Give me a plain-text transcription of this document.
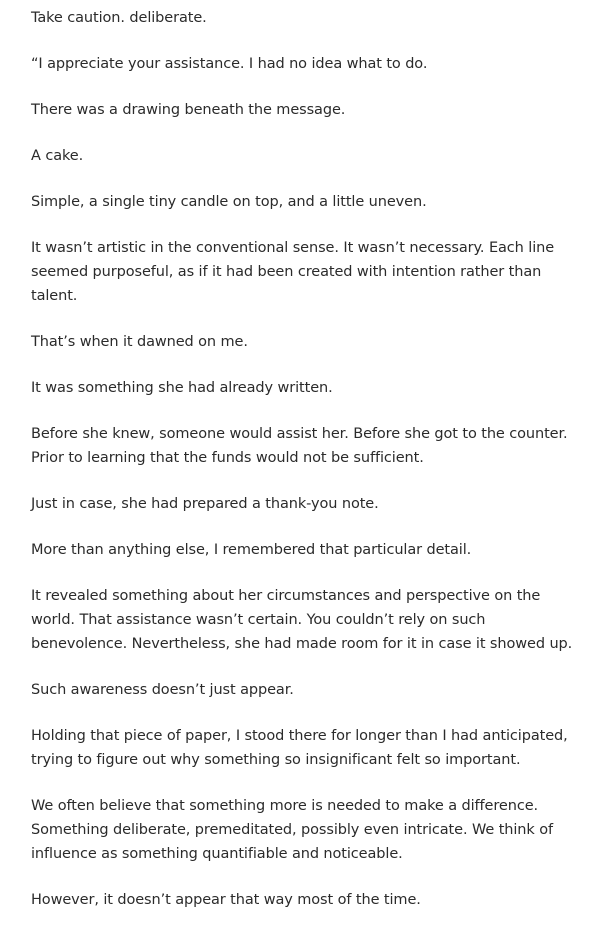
Take caution. deliberate.

“I appreciate your assistance. I had no idea what to do.

There was a drawing beneath the message.

A cake.

Simple, a single tiny candle on top, and a little uneven.

It wasn’t artistic in the conventional sense. It wasn’t necessary. Each line seemed purposeful, as if it had been created with intention rather than talent.

That’s when it dawned on me.

It was something she had already written.

Before she knew, someone would assist her. Before she got to the counter. Prior to learning that the funds would not be sufficient.

Just in case, she had prepared a thank-you note.

More than anything else, I remembered that particular detail.

It revealed something about her circumstances and perspective on the world. That assistance wasn’t certain. You couldn’t rely on such benevolence. Nevertheless, she had made room for it in case it showed up.

Such awareness doesn’t just appear.

Holding that piece of paper, I stood there for longer than I had anticipated, trying to figure out why something so insignificant felt so important.

We often believe that something more is needed to make a difference. Something deliberate, premeditated, possibly even intricate. We think of influence as something quantifiable and noticeable.

However, it doesn’t appear that way most of the time.
